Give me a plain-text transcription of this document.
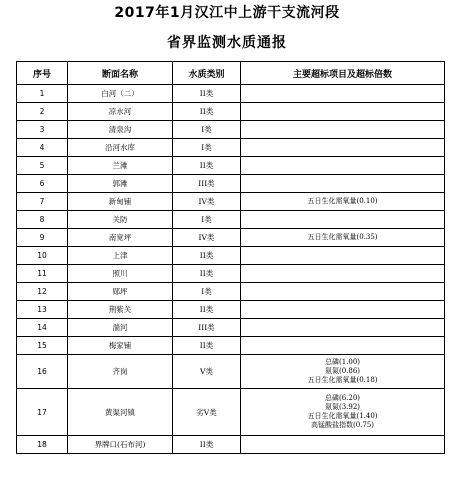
2017年1月汉江中上游干支流河段
省界监测水质通报
序号	断面名称	水质类别	主要超标项目及超标倍数
1	白河（二）	II类	
2	凉水河	II类	
3	清泉沟	I类	
4	沿河水库	I类	
5	兰滩	II类	
6	郭滩	III类	
7	新甸铺	IV类	五日生化需氧量(0.10)

8	关防	I类	
9	南宽坪	IV类	五日生化需氧量(0.35)

10	上津	II类	
11	照川	II类	
12	郧坪	I类	
13	荆紫关	II类	
14	湍河	III类	
15	梅家铺	II类	
16	齐岗	V类	总磷(1.00)
氨氮(0.86)
五日生化需氧量(0.18)

17	黄渠河镇	劣V类	总磷(6.20)
氨氮(3.92)
五日生化需氧量(1.40)
高锰酸盐指数(0.75)

18	界牌口(石布河)	II类	
